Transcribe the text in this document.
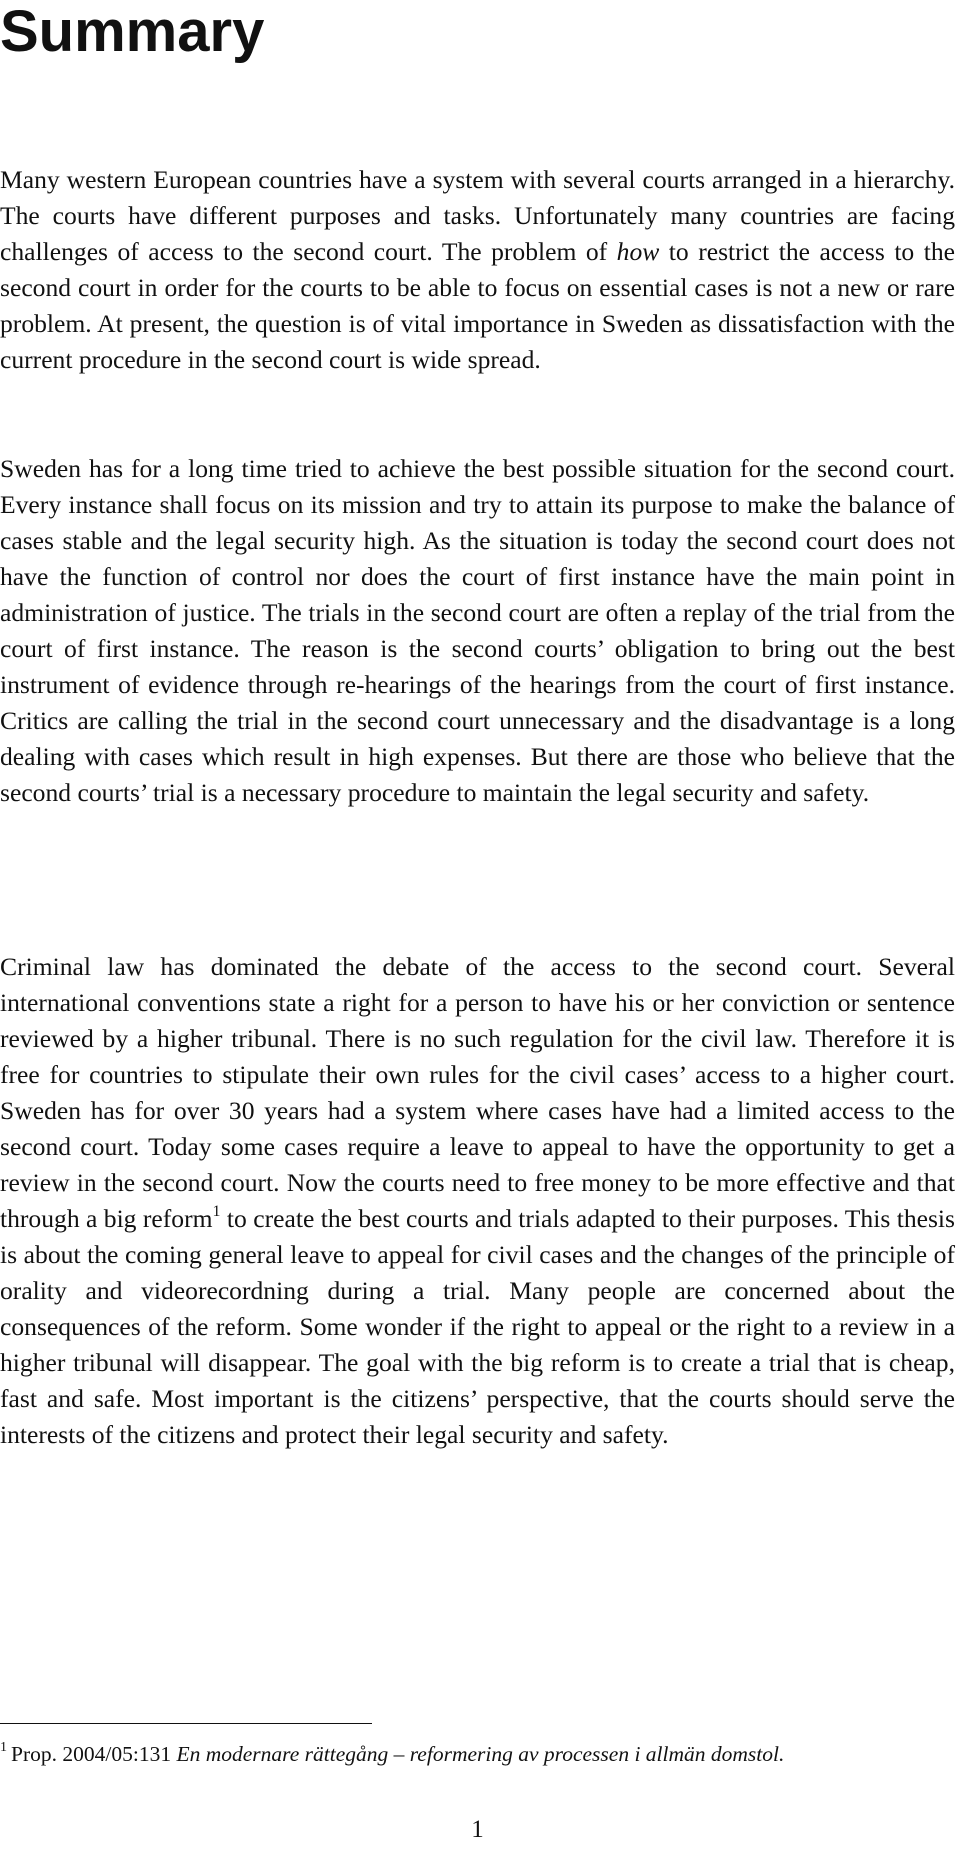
Summary

Many western European countries have a system with several courts arranged in a hierarchy. The courts have different purposes and tasks. Unfortunately many countries are facing challenges of access to the second court. The problem of how to restrict the access to the second court in order for the courts to be able to focus on essential cases is not a new or rare problem. At present, the question is of vital importance in Sweden as dissatisfaction with the current procedure in the second court is wide spread.

Sweden has for a long time tried to achieve the best possible situation for the second court. Every instance shall focus on its mission and try to attain its purpose to make the balance of cases stable and the legal security high. As the situation is today the second court does not have the function of control nor does the court of first instance have the main point in administration of justice. The trials in the second court are often a replay of the trial from the court of first instance. The reason is the second courts’ obligation to bring out the best instrument of evidence through re-hearings of the hearings from the court of first instance. Critics are calling the trial in the second court unnecessary and the disadvantage is a long dealing with cases which result in high expenses. But there are those who believe that the second courts’ trial is a necessary procedure to maintain the legal security and safety.

Criminal law has dominated the debate of the access to the second court. Several international conventions state a right for a person to have his or her conviction or sentence reviewed by a higher tribunal. There is no such regulation for the civil law. Therefore it is free for countries to stipulate their own rules for the civil cases’ access to a higher court. Sweden has for over 30 years had a system where cases have had a limited access to the second court. Today some cases require a leave to appeal to have the opportunity to get a review in the second court. Now the courts need to free money to be more effective and that through a big reform$^1$ to create the best courts and trials adapted to their purposes. This thesis is about the coming general leave to appeal for civil cases and the changes of the principle of orality and videorecordning during a trial. Many people are concerned about the consequences of the reform. Some wonder if the right to appeal or the right to a review in a higher tribunal will disappear. The goal with the big reform is to create a trial that is cheap, fast and safe. Most important is the citizens’ perspective, that the courts should serve the interests of the citizens and protect their legal security and safety.

$^1$ Prop. 2004/05:131 En modernare rättegång – reformering av processen i allmän domstol.

1
